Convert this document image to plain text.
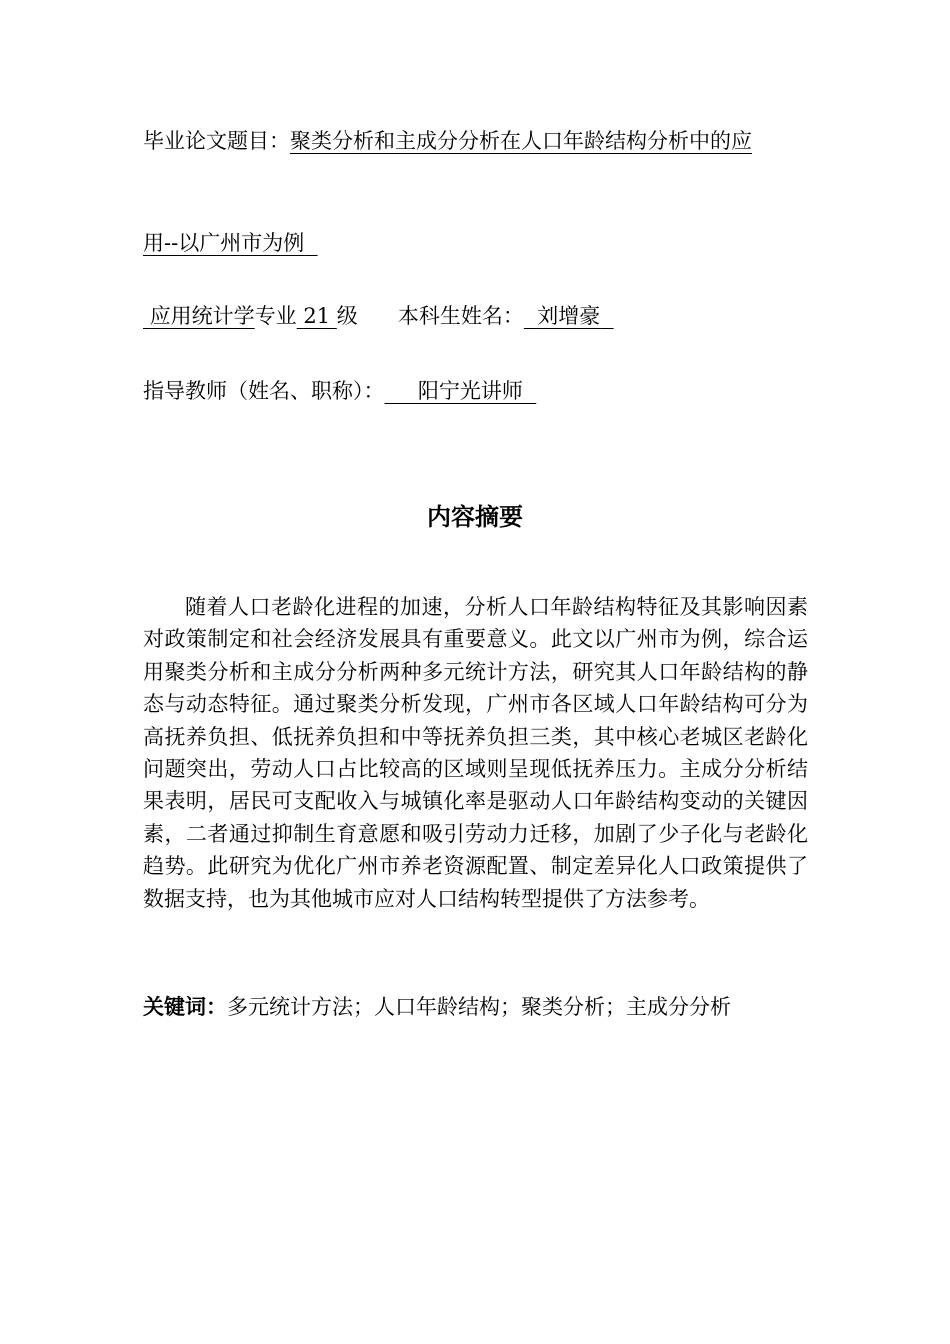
毕业论文题目：聚类分析和主成分分析在人口年龄结构分析中的应
用--以广州市为例
应用统计学专业 21 级 本科生姓名： 刘增豪
指导教师（姓名、职称）： 阳宁光讲师
内容摘要
随着人口老龄化进程的加速，分析人口年龄结构特征及其影响因素对政策制定和社会经济发展具有重要意义。此文以广州市为例，综合运用聚类分析和主成分分析两种多元统计方法，研究其人口年龄结构的静态与动态特征。通过聚类分析发现，广州市各区域人口年龄结构可分为高抚养负担、低抚养负担和中等抚养负担三类，其中核心老城区老龄化问题突出，劳动人口占比较高的区域则呈现低抚养压力。主成分分析结果表明，居民可支配收入与城镇化率是驱动人口年龄结构变动的关键因素，二者通过抑制生育意愿和吸引劳动力迁移，加剧了少子化与老龄化趋势。此研究为优化广州市养老资源配置、制定差异化人口政策提供了数据支持，也为其他城市应对人口结构转型提供了方法参考。
关键词：多元统计方法；人口年龄结构；聚类分析；主成分分析
